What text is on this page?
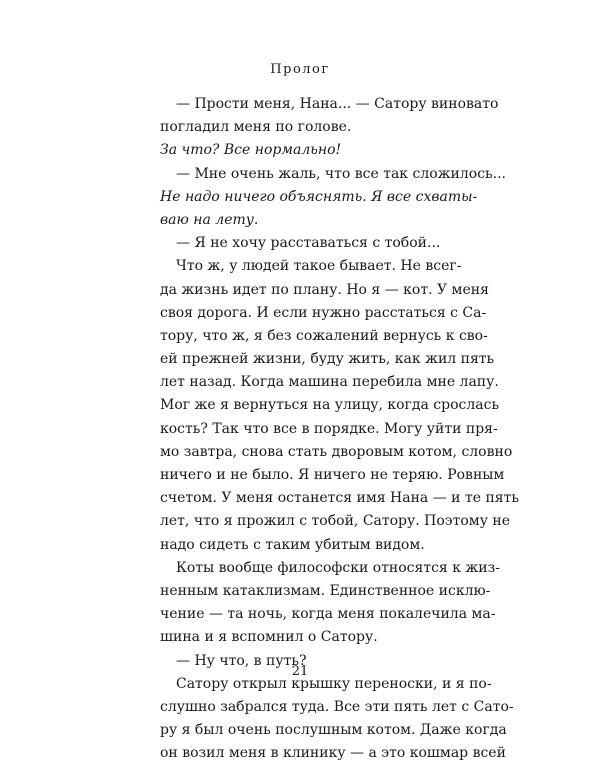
Пролог
— Прости меня, Нана... — Сатору виновато
погладил меня по голове.
За что? Все нормально!
— Мне очень жаль, что все так сложилось...
Не надо ничего объяснять. Я все схваты-
ваю на лету.
— Я не хочу расставаться с тобой...
Что ж, у людей такое бывает. Не всег-
да жизнь идет по плану. Но я — кот. У меня
своя дорога. И если нужно расстаться с Са-
тору, что ж, я без сожалений вернусь к сво-
ей прежней жизни, буду жить, как жил пять
лет назад. Когда машина перебила мне лапу.
Мог же я вернуться на улицу, когда срослась
кость? Так что все в порядке. Могу уйти пря-
мо завтра, снова стать дворовым котом, словно
ничего и не было. Я ничего не теряю. Ровным
счетом. У меня останется имя Нана — и те пять
лет, что я прожил с тобой, Сатору. Поэтому не
надо сидеть с таким убитым видом.
Коты вообще философски относятся к жиз-
ненным катаклизмам. Единственное исклю-
чение — та ночь, когда меня покалечила ма-
шина и я вспомнил о Сатору.
— Ну что, в путь?
Сатору открыл крышку переноски, и я по-
слушно забрался туда. Все эти пять лет с Сато-
ру я был очень послушным котом. Даже когда
он возил меня в клинику — а это кошмар всей
21
